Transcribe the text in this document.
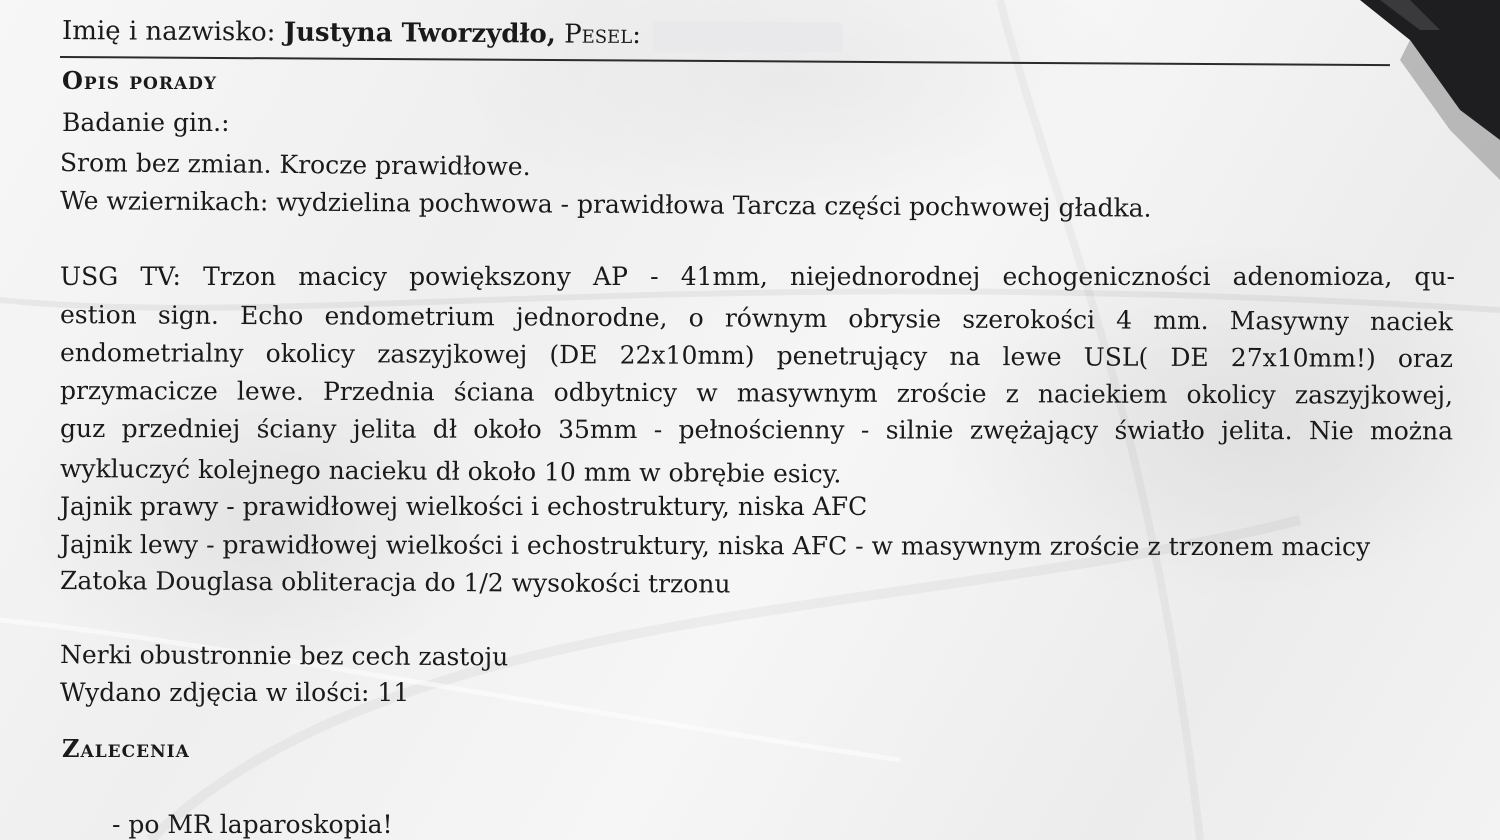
Imię i nazwisko: Justyna Tworzydło, Pesel:
Opis porady
Badanie gin.:
Srom bez zmian. Krocze prawidłowe.
We wziernikach: wydzielina pochwowa - prawidłowa Tarcza części pochwowej gładka.
USG TV: Trzon macicy powiększony AP - 41mm, niejednorodnej echogeniczności adenomioza, qu-
estion sign. Echo endometrium jednorodne, o równym obrysie szerokości 4 mm. Masywny naciek
endometrialny okolicy zaszyjkowej (DE 22x10mm) penetrujący na lewe USL( DE 27x10mm!) oraz
przymacicze lewe. Przednia ściana odbytnicy w masywnym zroście z naciekiem okolicy zaszyjkowej,
guz przedniej ściany jelita dł około 35mm - pełnościenny - silnie zwężający światło jelita. Nie można
wykluczyć kolejnego nacieku dł około 10 mm w obrębie esicy.
Jajnik prawy - prawidłowej wielkości i echostruktury, niska AFC
Jajnik lewy - prawidłowej wielkości i echostruktury, niska AFC - w masywnym zroście z trzonem macicy
Zatoka Douglasa obliteracja do 1/2 wysokości trzonu
Nerki obustronnie bez cech zastoju
Wydano zdjęcia w ilości: 11
Zalecenia
- po MR laparoskopia!
